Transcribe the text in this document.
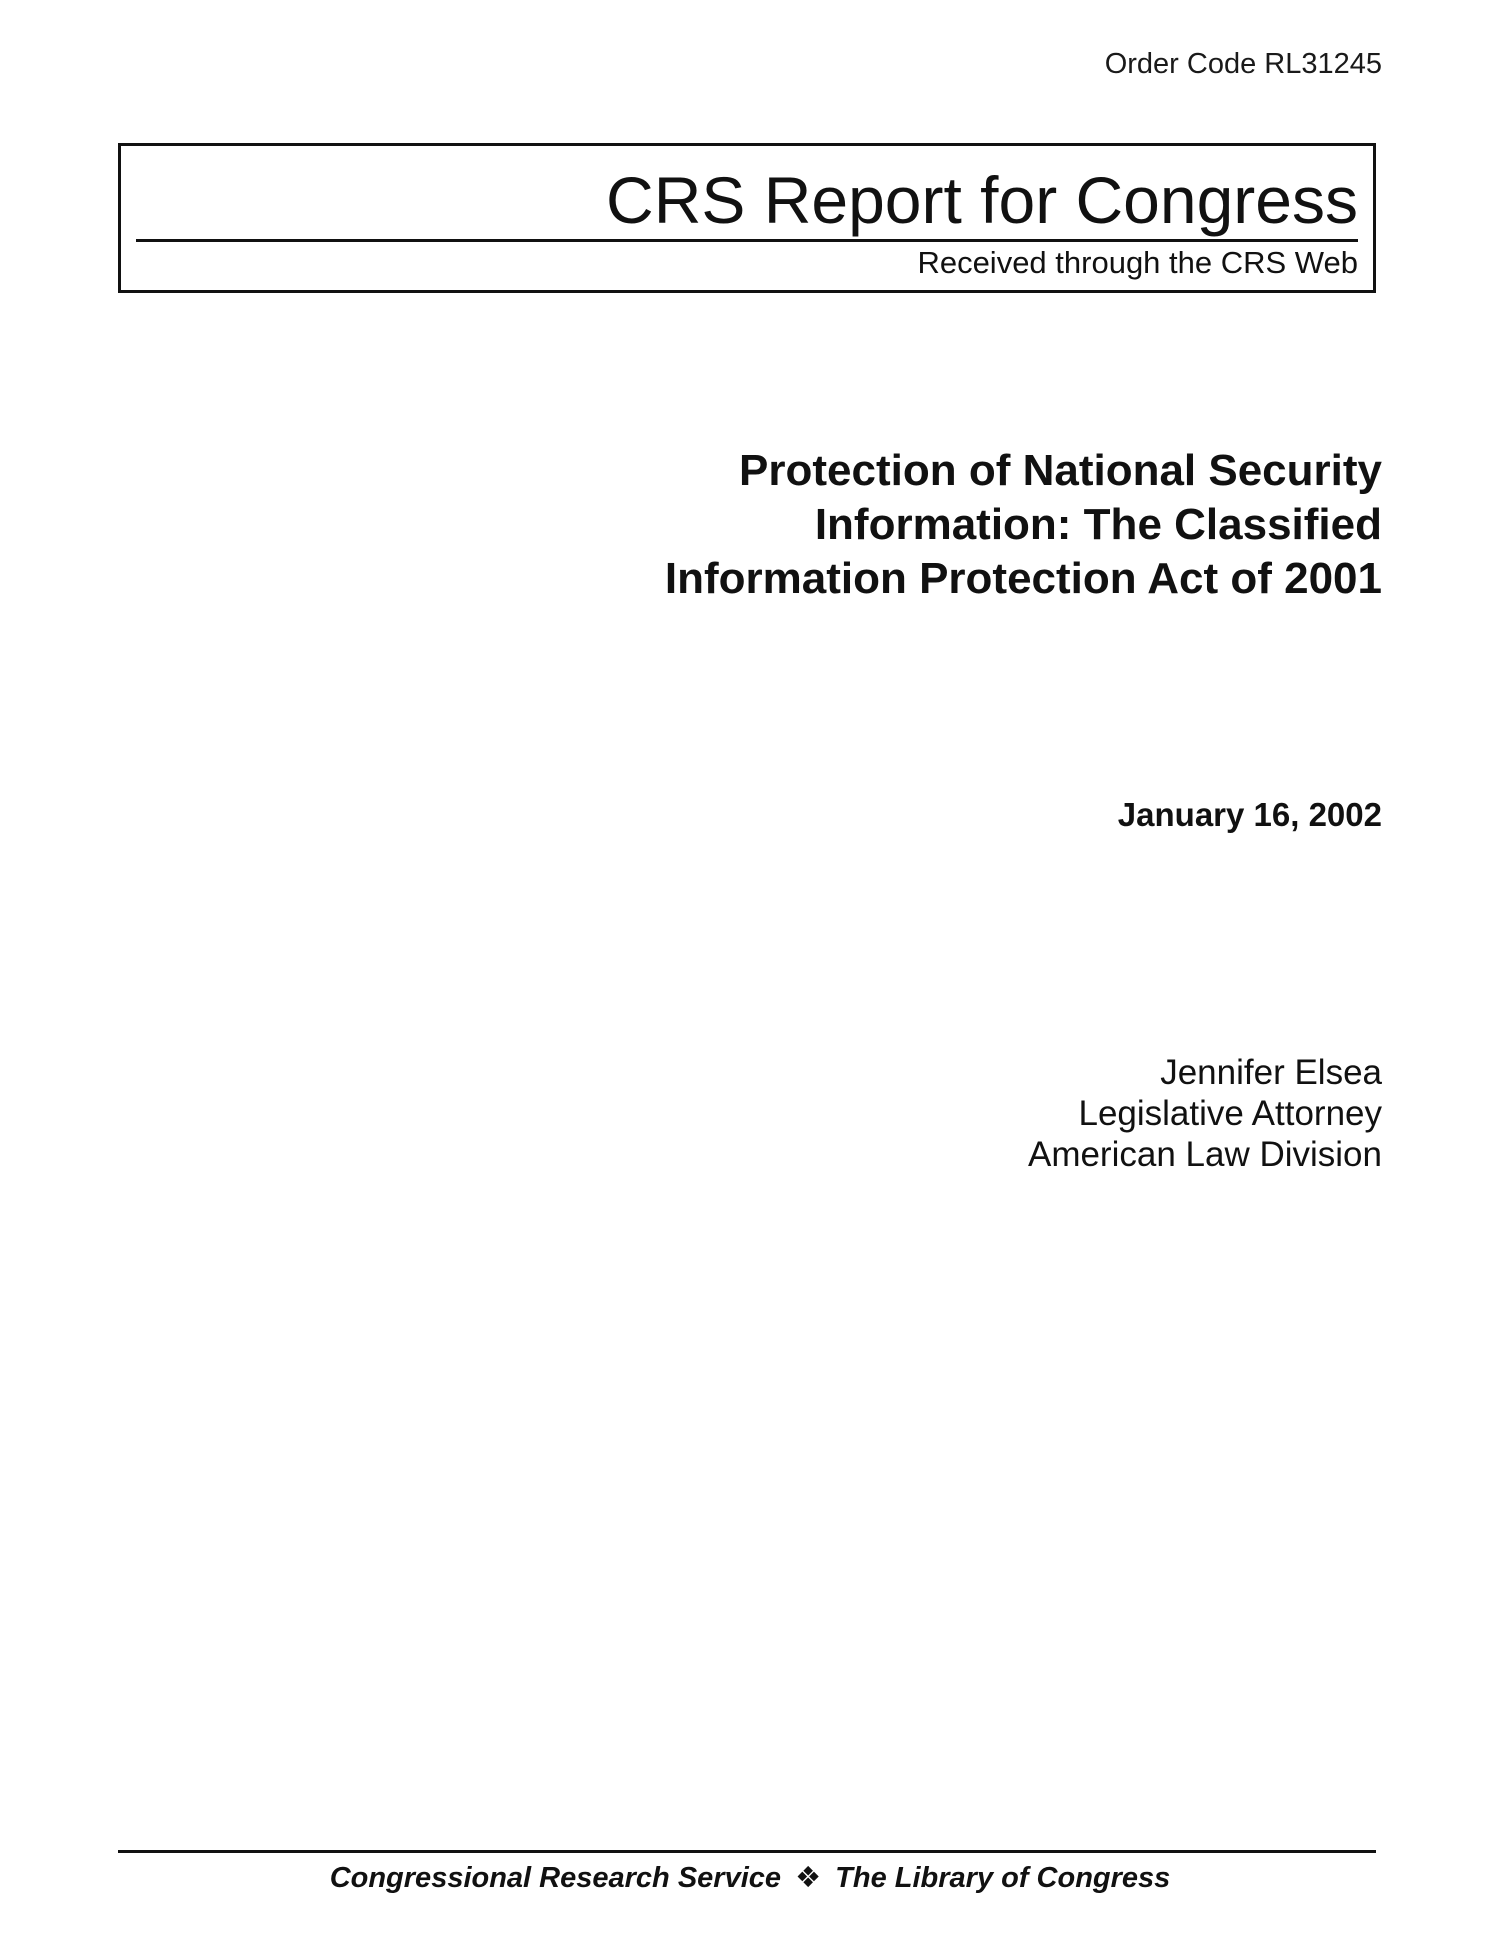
Order Code RL31245
CRS Report for Congress
Received through the CRS Web
Protection of National Security
Information: The Classified
Information Protection Act of 2001
January 16, 2002
Jennifer Elsea
Legislative Attorney
American Law Division
Congressional Research Service ❖ The Library of Congress
